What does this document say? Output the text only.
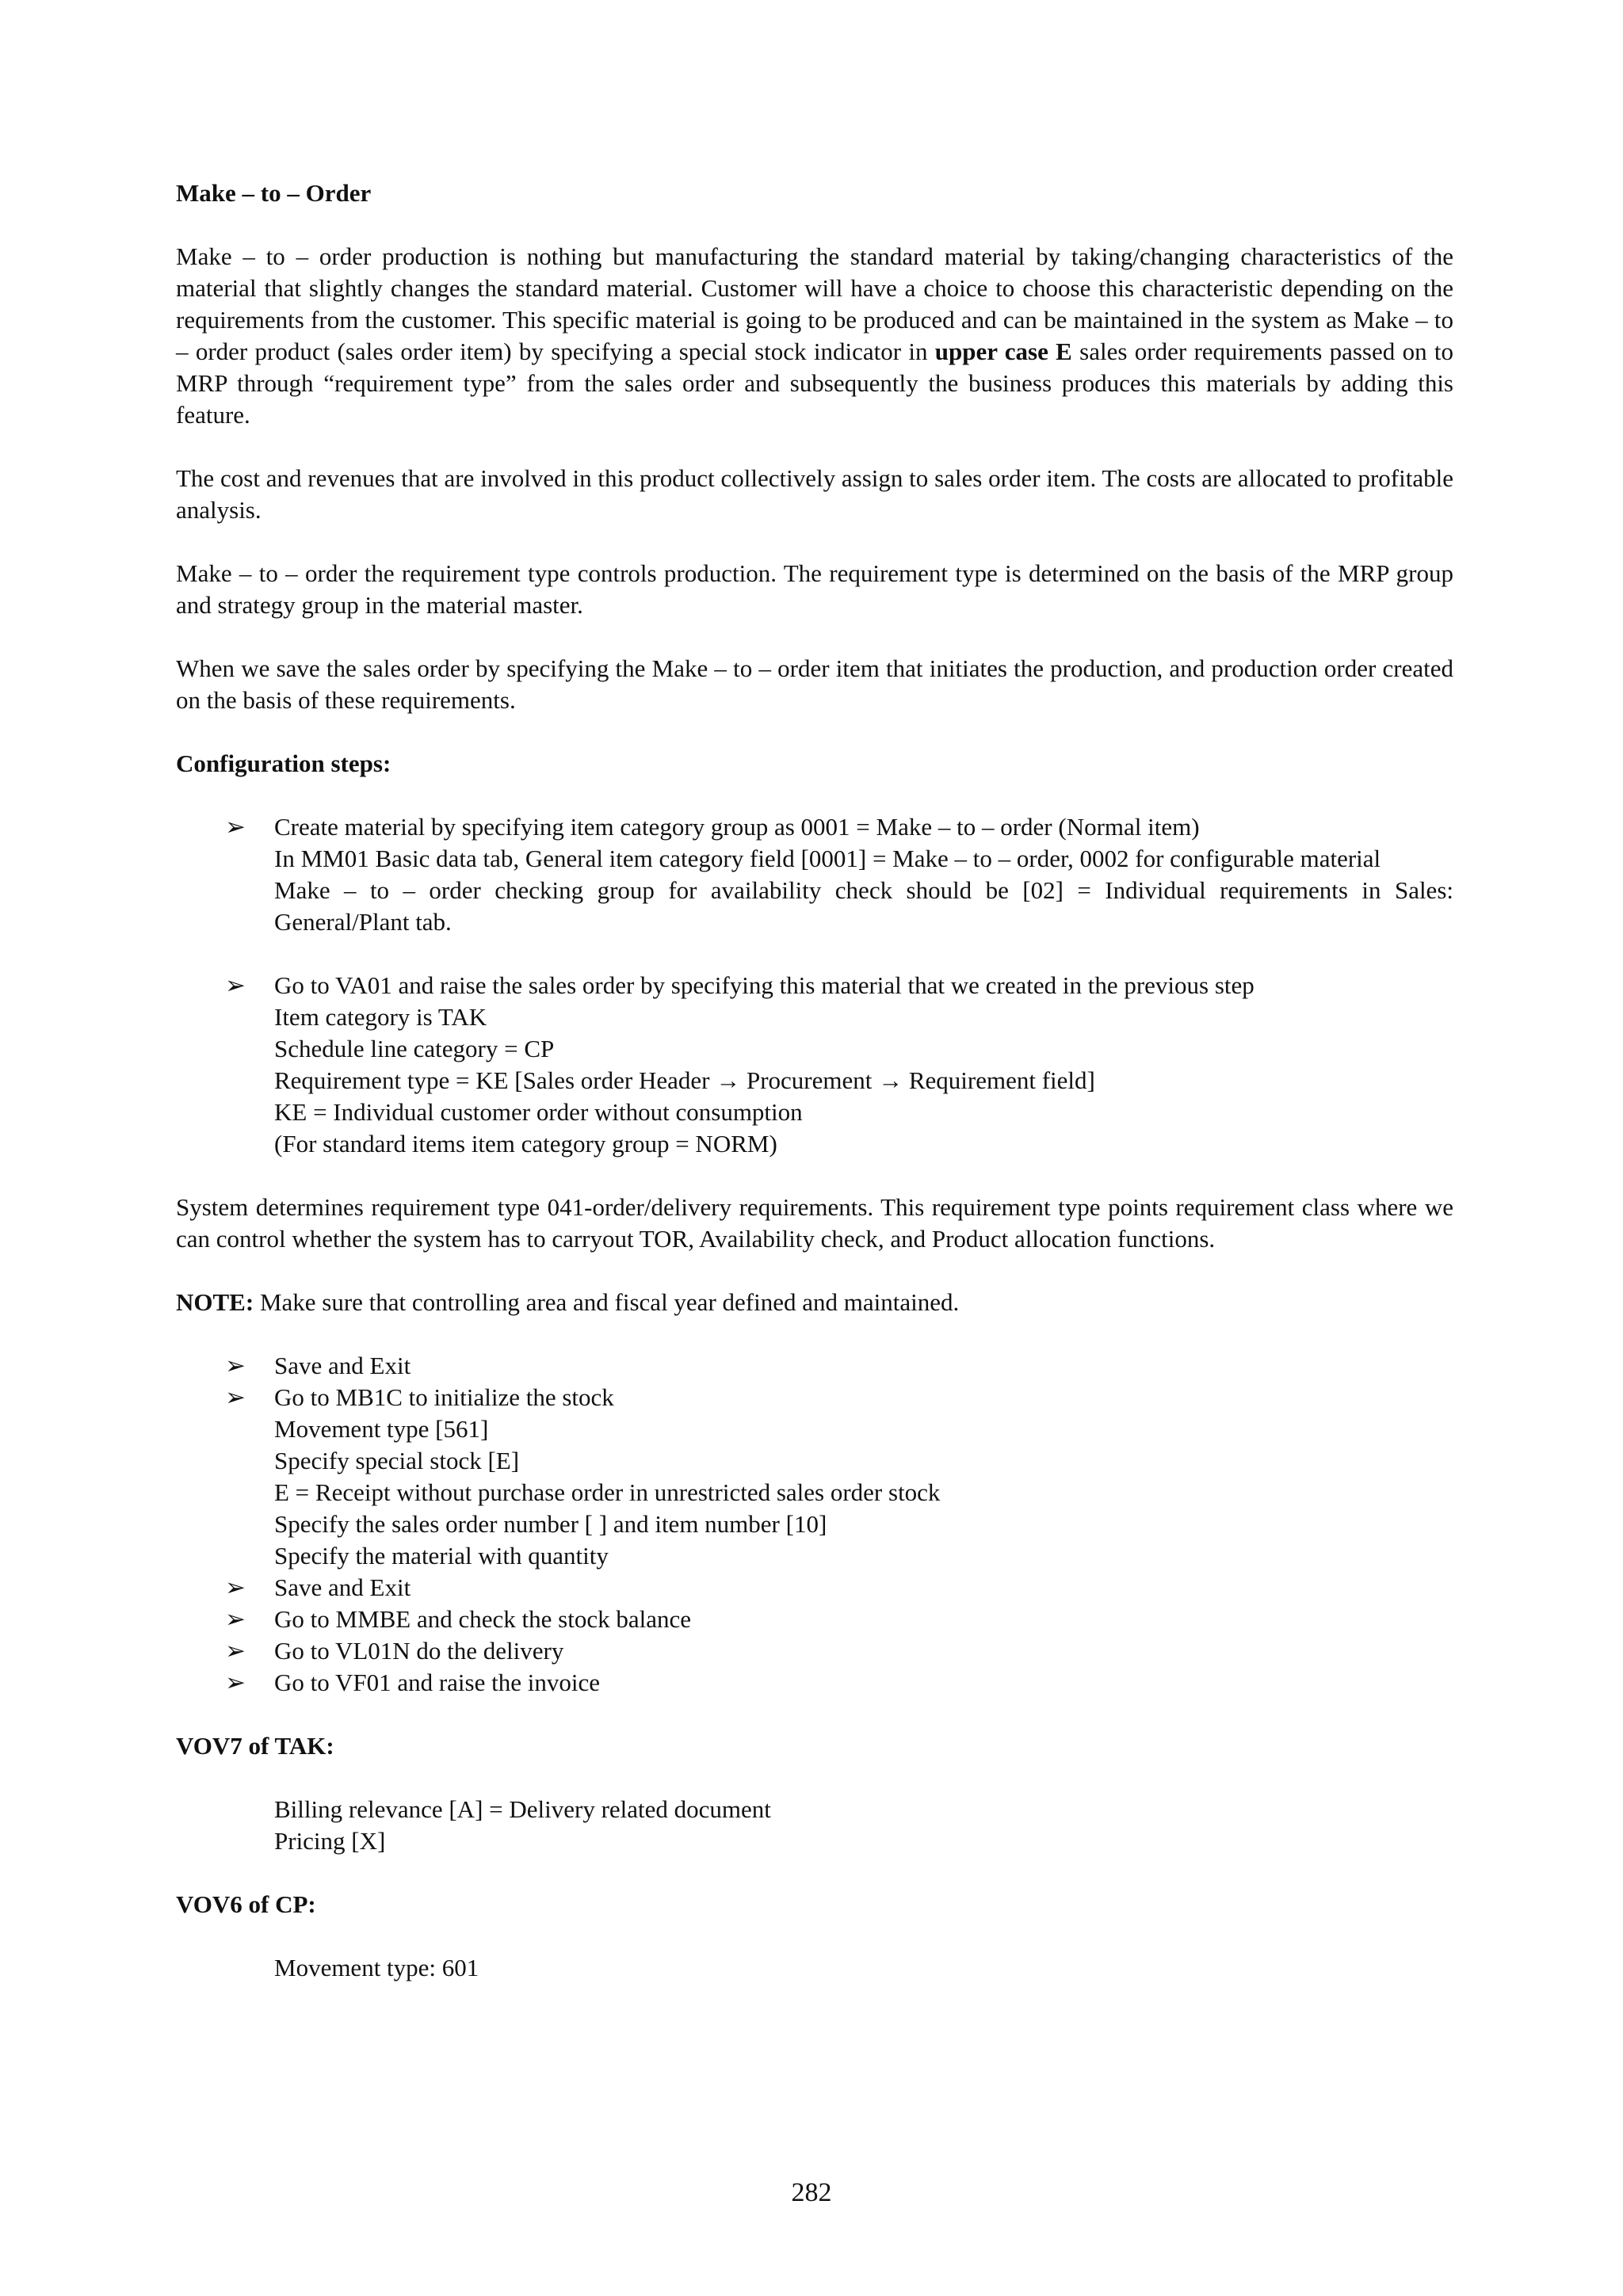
Make – to – Order

Make – to – order production is nothing but manufacturing the standard material by taking/changing characteristics of the material that slightly changes the standard material. Customer will have a choice to choose this characteristic depending on the requirements from the customer. This specific material is going to be produced and can be maintained in the system as Make – to – order product (sales order item) by specifying a special stock indicator in upper case E sales order requirements passed on to MRP through “requirement type” from the sales order and subsequently the business produces this materials by adding this feature.

The cost and revenues that are involved in this product collectively assign to sales order item. The costs are allocated to profitable analysis.

Make – to – order the requirement type controls production. The requirement type is determined on the basis of the MRP group and strategy group in the material master.

When we save the sales order by specifying the Make – to – order item that initiates the production, and production order created on the basis of these requirements.

Configuration steps:
➢ Create material by specifying item category group as 0001 = Make – to – order (Normal item)
In MM01 Basic data tab, General item category field [0001] = Make – to – order, 0002 for configurable material
Make – to – order checking group for availability check should be [02] = Individual requirements in Sales: General/Plant tab.
➢ Go to VA01 and raise the sales order by specifying this material that we created in the previous step
Item category is TAK
Schedule line category = CP
Requirement type = KE [Sales order Header → Procurement → Requirement field]
KE = Individual customer order without consumption
(For standard items item category group = NORM)

System determines requirement type 041-order/delivery requirements. This requirement type points requirement class where we can control whether the system has to carryout TOR, Availability check, and Product allocation functions.

NOTE: Make sure that controlling area and fiscal year defined and maintained.

➢ Save and Exit
➢ Go to MB1C to initialize the stock
Movement type [561]
Specify special stock [E]
E = Receipt without purchase order in unrestricted sales order stock
Specify the sales order number [ ] and item number [10]
Specify the material with quantity
➢ Save and Exit
➢ Go to MMBE and check the stock balance
➢ Go to VL01N do the delivery
➢ Go to VF01 and raise the invoice
VOV7 of TAK:
Billing relevance [A] = Delivery related document
Pricing [X]
VOV6 of CP:
Movement type: 601
282
